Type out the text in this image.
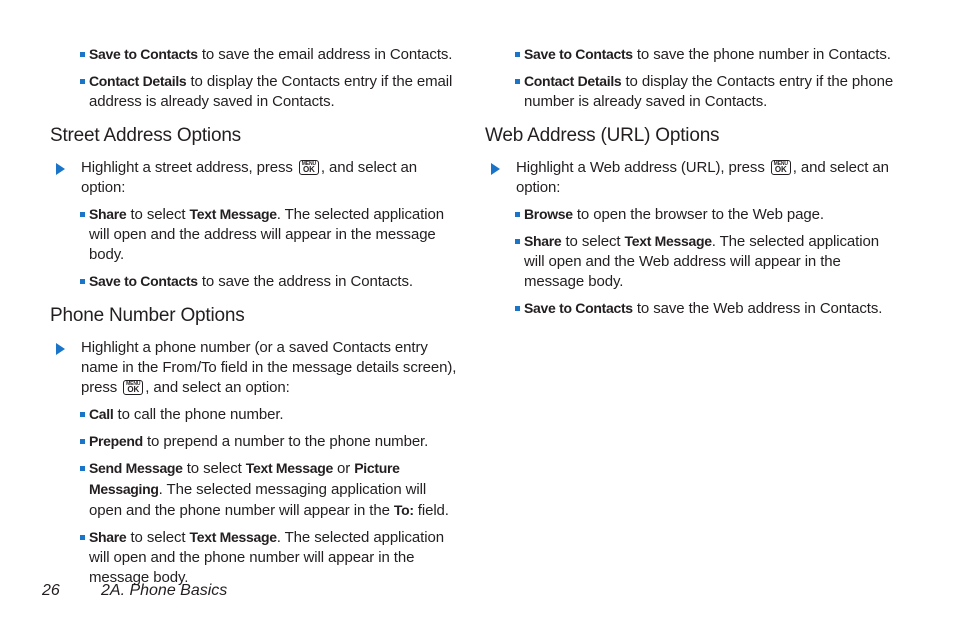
Save to Contacts to save the email address in Contacts.

Contact Details to display the Contacts entry if the email address is already saved in Contacts.

Street Address Options

Highlight a street address, press MENU
OK , and select an option:

Share to select Text Message. The selected application will open and the address will appear in the message body.

Save to Contacts to save the address in Contacts.

Phone Number Options

Highlight a phone number (or a saved Contacts entry name in the From/To field in the message details screen), press MENU
OK , and select an option:

Call to call the phone number.

Prepend to prepend a number to the phone number.

Send Message to select Text Message or Picture Messaging. The selected messaging application will open and the phone number will appear in the To: field.

Share to select Text Message. The selected application will open and the phone number will appear in the message body.

Save to Contacts to save the phone number in Contacts.

Contact Details to display the Contacts entry if the phone number is already saved in Contacts.

Web Address (URL) Options

Highlight a Web address (URL), press MENU
OK , and select an option:

Browse to open the browser to the Web page.

Share to select Text Message. The selected application will open and the Web address will appear in the message body.

Save to Contacts to save the Web address in Contacts.

26	2A. Phone Basics
